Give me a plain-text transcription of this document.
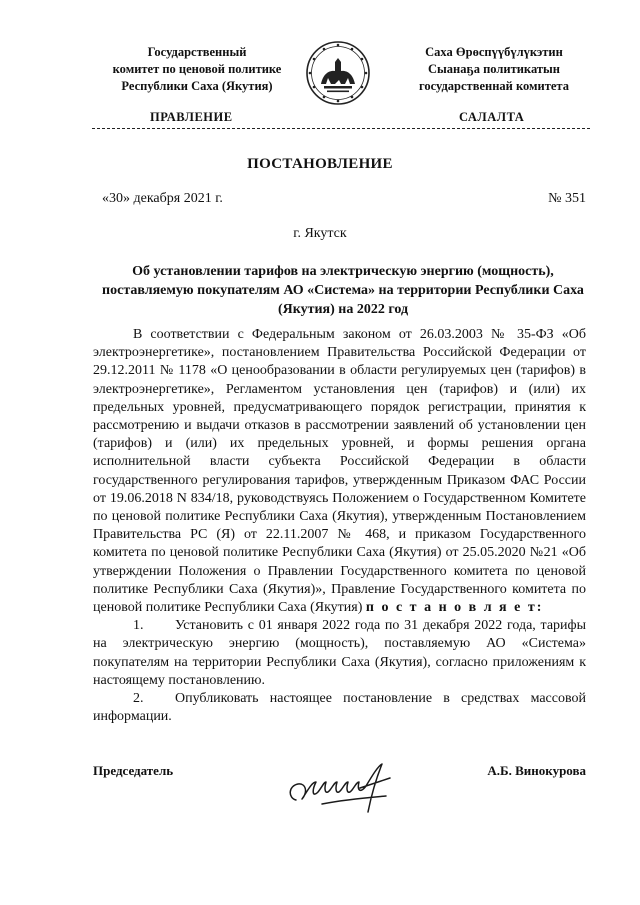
Государственный
комитет по ценовой политике
Республики Саха (Якутия)
Саха Өрөспүүбүлүкэтин
Сыанаҕа политикатын
государственнай комитета
ПРАВЛЕНИЕ	САЛАЛТА
ПОСТАНОВЛЕНИЕ
«30» декабря 2021 г.	№ 351
г. Якутск
Об установлении тарифов на электрическую энергию (мощность), поставляемую покупателям АО «Система» на территории Республики Саха (Якутия) на 2022 год

В соответствии с Федеральным законом от 26.03.2003 № 35-ФЗ «Об электроэнергетике», постановлением Правительства Российской Федерации от 29.12.2011 № 1178 «О ценообразовании в области регулируемых цен (тарифов) в электроэнергетике», Регламентом установления цен (тарифов) и (или) их предельных уровней, предусматривающего порядок регистрации, принятия к рассмотрению и выдачи отказов в рассмотрении заявлений об установлении цен (тарифов) и (или) их предельных уровней, и формы решения органа исполнительной власти субъекта Российской Федерации в области государственного регулирования тарифов, утвержденным Приказом ФАС России от 19.06.2018 N 834/18, руководствуясь Положением о Государственном Комитете по ценовой политике Республики Саха (Якутия), утвержденным Постановлением Правительства РС (Я) от 22.11.2007 № 468, и приказом Государственного комитета по ценовой политике Республики Саха (Якутия) от 25.05.2020 №21 «Об утверждении Положения о Правлении Государственного комитета по ценовой политике Республики Саха (Якутия)», Правление Государственного комитета по ценовой политике Республики Саха (Якутия) п о с т а н о в л я е т:

1. Установить с 01 января 2022 года по 31 декабря 2022 года, тарифы на электрическую энергию (мощность), поставляемую АО «Система» покупателям на территории Республики Саха (Якутия), согласно приложениям к настоящему постановлению.

2. Опубликовать настоящее постановление в средствах массовой информации.

Председатель	А.Б. Винокурова
